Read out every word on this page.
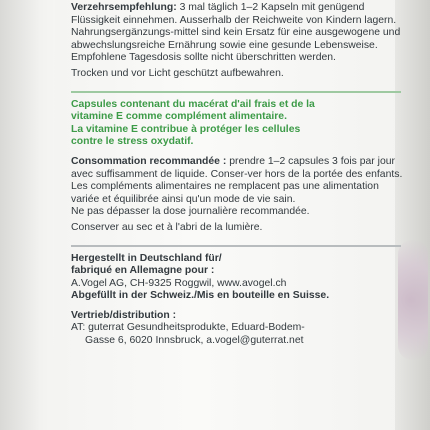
Verzehrsempfehlung: 3 mal täglich 1–2 Kapseln mit genügend Flüssigkeit einnehmen. Ausserhalb der Reichweite von Kindern lagern. Nahrungsergänzungs-mittel sind kein Ersatz für eine ausgewogene und abwechslungsreiche Ernährung sowie eine gesunde Lebensweise.

Empfohlene Tagesdosis sollte nicht überschritten werden.

Trocken und vor Licht geschützt aufbewahren.

Capsules contenant du macérat d'ail frais et de la

vitamine E comme complément alimentaire.

La vitamine E contribue à protéger les cellules

contre le stress oxydatif.

Consommation recommandée : prendre 1–2 capsules 3 fois par jour avec suffisamment de liquide. Conser-ver hors de la portée des enfants. Les compléments alimentaires ne remplacent pas une alimentation variée et équilibrée ainsi qu'un mode de vie sain.

Ne pas dépasser la dose journalière recommandée.

Conserver au sec et à l'abri de la lumière.

Hergestellt in Deutschland für/

fabriqué en Allemagne pour :

A.Vogel AG, CH-9325 Roggwil, www.avogel.ch

Abgefüllt in der Schweiz./Mis en bouteille en Suisse.

Vertrieb/distribution :

AT: guterrat Gesundheitsprodukte, Eduard-Bodem-

Gasse 6, 6020 Innsbruck, a.vogel@guterrat.net
